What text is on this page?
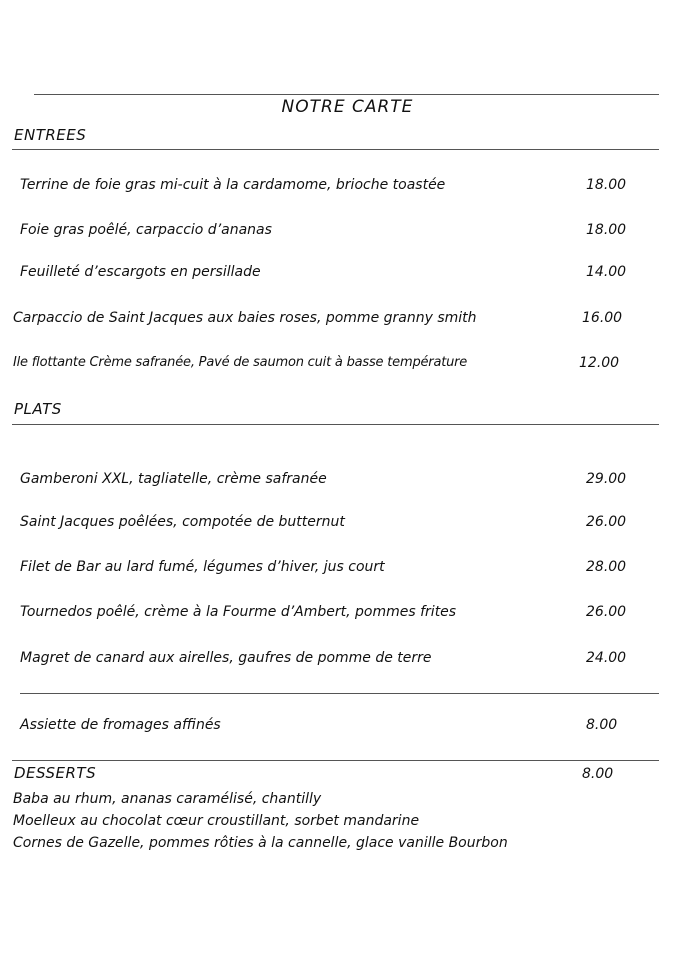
NOTRE CARTE
ENTREES
Terrine de foie gras mi-cuit à la cardamome, brioche toastée	18.00
Foie gras poêlé, carpaccio d’ananas	18.00
Feuilleté d’escargots en persillade	14.00
Carpaccio de Saint Jacques aux baies roses, pomme granny smith	16.00
Ile flottante Crème safranée, Pavé de saumon cuit à basse température	12.00
PLATS
Gamberoni XXL, tagliatelle, crème safranée	29.00
Saint Jacques poêlées, compotée de butternut	26.00
Filet de Bar au lard fumé, légumes d’hiver, jus court	28.00
Tournedos poêlé, crème à la Fourme d’Ambert, pommes frites	26.00
Magret de canard aux airelles, gaufres de pomme de terre	24.00
Assiette de fromages affinés	8.00
DESSERTS	8.00
Baba au rhum, ananas caramélisé, chantilly
Moelleux au chocolat cœur croustillant, sorbet mandarine
Cornes de Gazelle, pommes rôties à la cannelle, glace vanille Bourbon
